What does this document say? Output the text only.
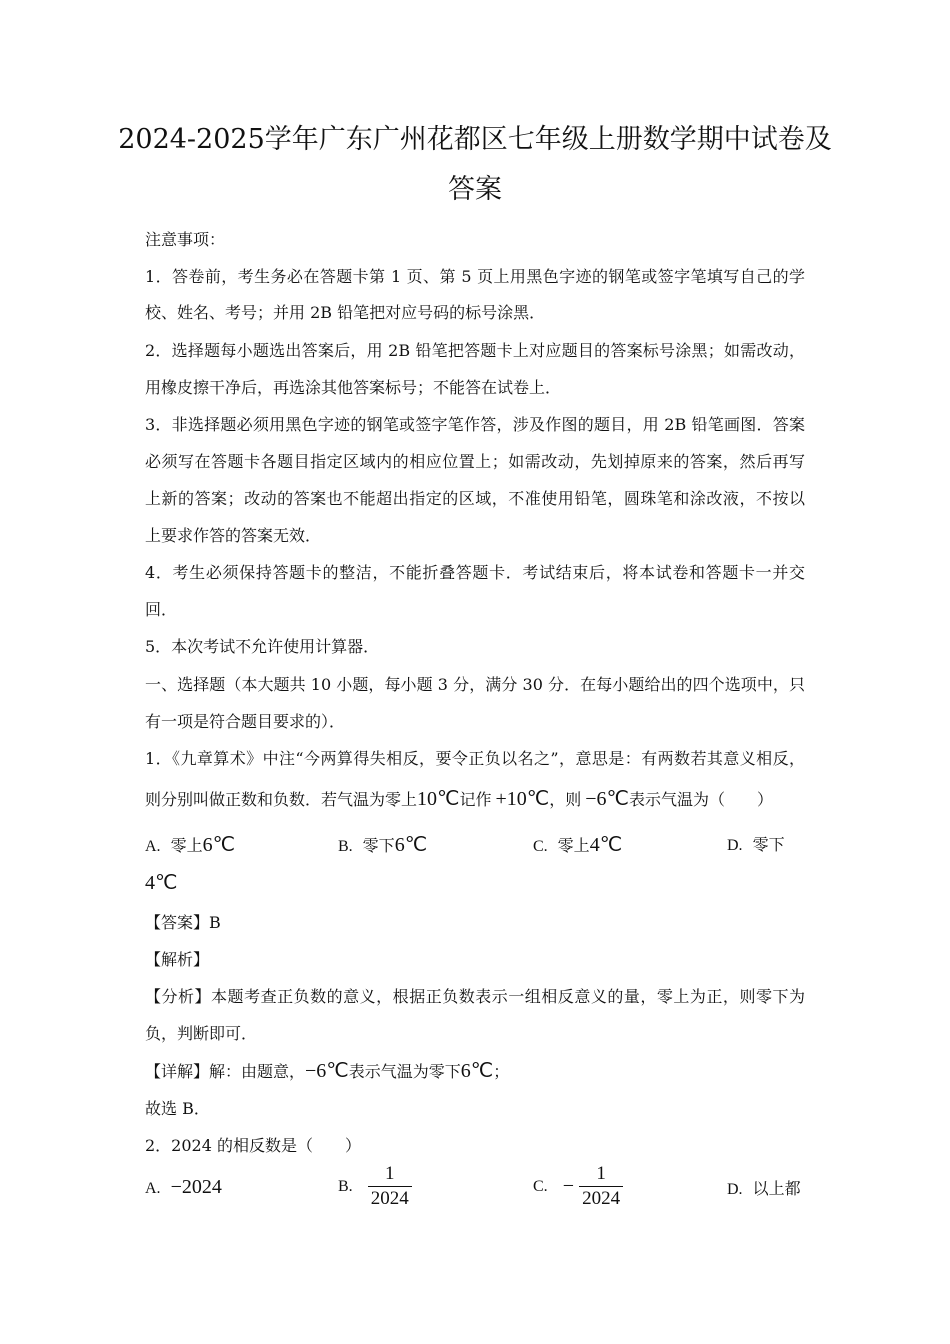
2024-2025学年广东广州花都区七年级上册数学期中试卷及
答案
注意事项：
1．答卷前，考生务必在答题卡第 1 页、第 5 页上用黑色字迹的钢笔或签字笔填写自己的学
校、姓名、考号；并用 2B 铅笔把对应号码的标号涂黑．
2．选择题每小题选出答案后，用 2B 铅笔把答题卡上对应题目的答案标号涂黑；如需改动，
用橡皮擦干净后，再选涂其他答案标号；不能答在试卷上．
3．非选择题必须用黑色字迹的钢笔或签字笔作答，涉及作图的题目，用 2B 铅笔画图．答案
必须写在答题卡各题目指定区域内的相应位置上；如需改动，先划掉原来的答案，然后再写
上新的答案；改动的答案也不能超出指定的区域，不准使用铅笔，圆珠笔和涂改液，不按以
上要求作答的答案无效．
4．考生必须保持答题卡的整洁，不能折叠答题卡．考试结束后，将本试卷和答题卡一并交
回．
5．本次考试不允许使用计算器．
一、选择题（本大题共 10 小题，每小题 3 分，满分 30 分．在每小题给出的四个选项中，只
有一项是符合题目要求的）．
1．《九章算术》中注“今两算得失相反，要令正负以名之”，意思是：有两数若其意义相反，
则分别叫做正数和负数．若气温为零上10℃记作 +10℃，则 −6℃表示气温为（　　）
A. 零上6℃	B. 零下6℃	C. 零上4℃	D. 零下
4℃
【答案】B
【解析】
【分析】本题考查正负数的意义，根据正负数表示一组相反意义的量，零上为正，则零下为
负，判断即可．
【详解】解：由题意，−6℃表示气温为零下6℃；
故选 B．
2．2024 的相反数是（　　）
A. −2024	B. $\frac{1}{2024}$	C. − $\frac{1}{2024}$	D. 以上都
